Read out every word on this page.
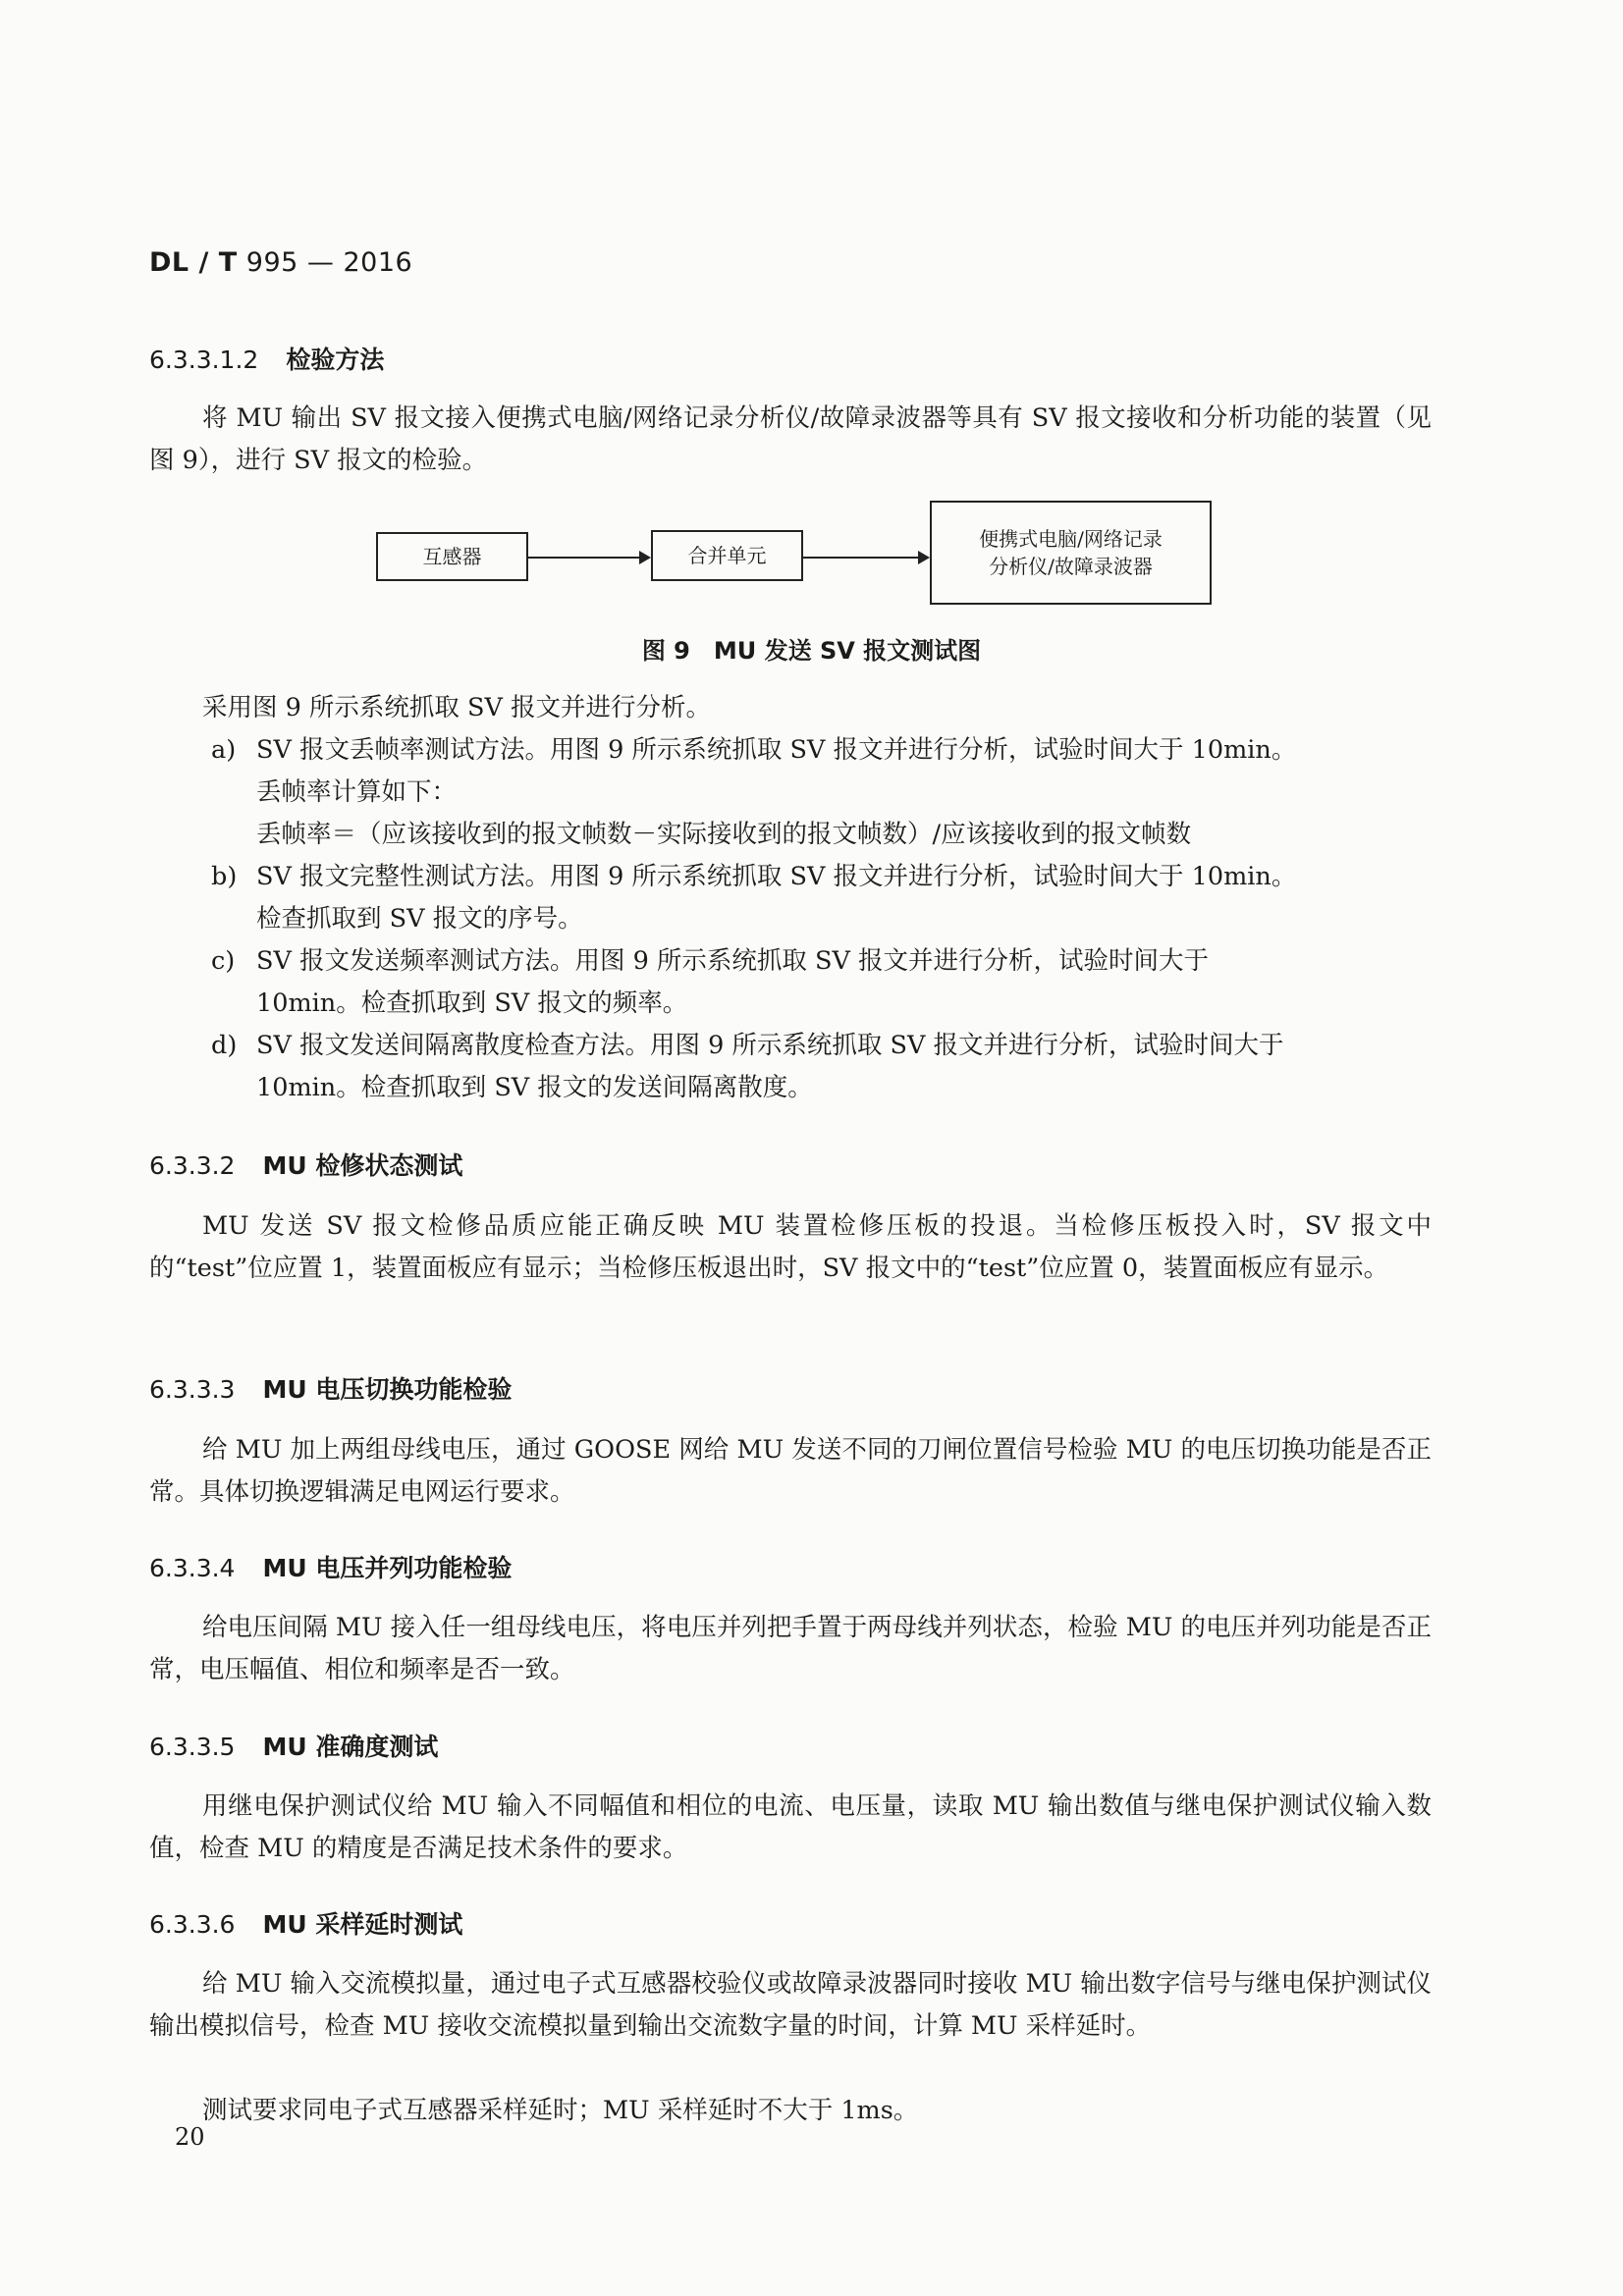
DL / T 995 — 2016
6.3.3.1.2 检验方法
将 MU 输出 SV 报文接入便携式电脑/网络记录分析仪/故障录波器等具有 SV 报文接收和分析功能的装置（见图 9），进行 SV 报文的检验。
互感器	合并单元
便携式电脑/网络记录
分析仪/故障录波器
图 9　MU 发送 SV 报文测试图
采用图 9 所示系统抓取 SV 报文并进行分析。
a) SV 报文丢帧率测试方法。用图 9 所示系统抓取 SV 报文并进行分析，试验时间大于 10min。
丢帧率计算如下：
丢帧率＝（应该接收到的报文帧数－实际接收到的报文帧数）/应该接收到的报文帧数
b) SV 报文完整性测试方法。用图 9 所示系统抓取 SV 报文并进行分析，试验时间大于 10min。
检查抓取到 SV 报文的序号。
c) SV 报文发送频率测试方法。用图 9 所示系统抓取 SV 报文并进行分析，试验时间大于
10min。检查抓取到 SV 报文的频率。
d) SV 报文发送间隔离散度检查方法。用图 9 所示系统抓取 SV 报文并进行分析，试验时间大于
10min。检查抓取到 SV 报文的发送间隔离散度。
6.3.3.2 MU 检修状态测试
MU 发送 SV 报文检修品质应能正确反映 MU 装置检修压板的投退。当检修压板投入时，SV 报文中的“test”位应置 1，装置面板应有显示；当检修压板退出时，SV 报文中的“test”位应置 0，装置面板应有显示。
6.3.3.3 MU 电压切换功能检验
给 MU 加上两组母线电压，通过 GOOSE 网给 MU 发送不同的刀闸位置信号检验 MU 的电压切换功能是否正常。具体切换逻辑满足电网运行要求。
6.3.3.4 MU 电压并列功能检验
给电压间隔 MU 接入任一组母线电压，将电压并列把手置于两母线并列状态，检验 MU 的电压并列功能是否正常，电压幅值、相位和频率是否一致。
6.3.3.5 MU 准确度测试
用继电保护测试仪给 MU 输入不同幅值和相位的电流、电压量，读取 MU 输出数值与继电保护测试仪输入数值，检查 MU 的精度是否满足技术条件的要求。
6.3.3.6 MU 采样延时测试
给 MU 输入交流模拟量，通过电子式互感器校验仪或故障录波器同时接收 MU 输出数字信号与继电保护测试仪输出模拟信号，检查 MU 接收交流模拟量到输出交流数字量的时间，计算 MU 采样延时。
测试要求同电子式互感器采样延时；MU 采样延时不大于 1ms。
20
